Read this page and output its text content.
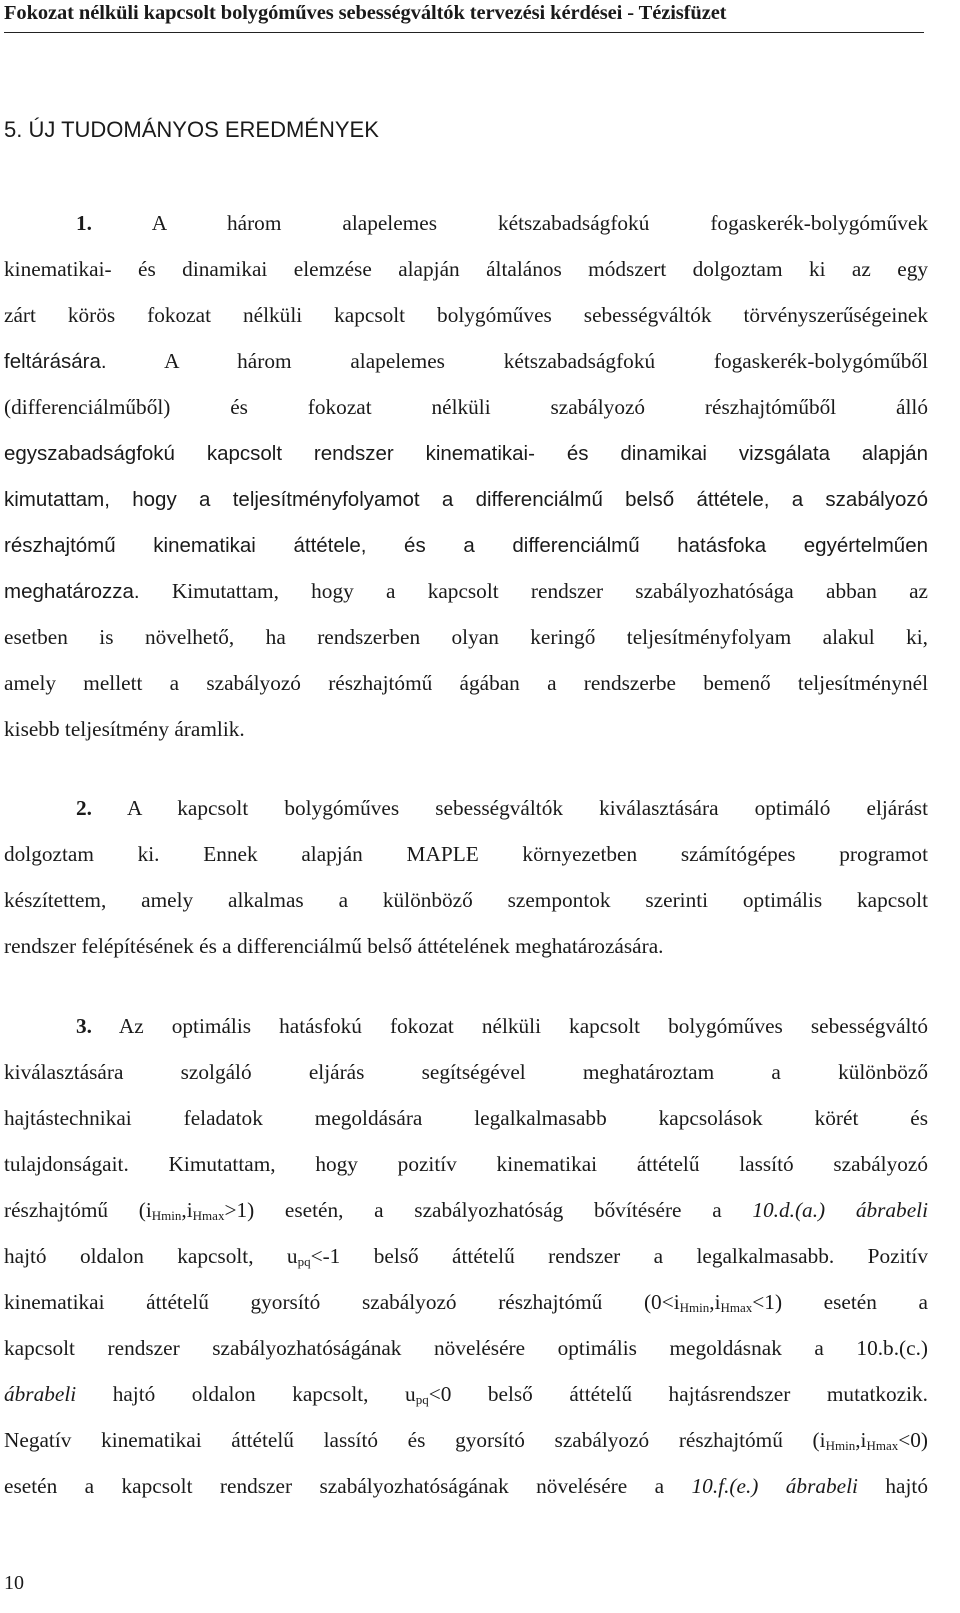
Fokozat nélküli kapcsolt bolygóműves sebességváltók tervezési kérdései - Tézisfüzet
5. ÚJ TUDOMÁNYOS EREDMÉNYEK
1.	A három alapelemes kétszabadságfokú fogaskerék-bolygóművek
kinematikai- és dinamikai elemzése alapján általános módszert dolgoztam ki az egy
zárt körös fokozat nélküli kapcsolt bolygóműves sebességváltók törvényszerűségeinek
feltárására.	A három alapelemes kétszabadságfokú fogaskerék-bolygóműből
(differenciálműből) és fokozat nélküli szabályozó részhajtóműből álló
egyszabadságfokú kapcsolt rendszer kinematikai- és dinamikai vizsgálata alapján
kimutattam, hogy a teljesítményfolyamot a differenciálmű belső áttétele, a szabályozó
részhajtómű kinematikai áttétele, és a differenciálmű hatásfoka egyértelműen
meghatározza. Kimutattam, hogy a kapcsolt rendszer szabályozhatósága abban az
esetben is növelhető, ha rendszerben olyan keringő teljesítményfolyam alakul ki,
amely mellett a szabályozó részhajtómű ágában a rendszerbe bemenő teljesítménynél
kisebb teljesítmény áramlik.
2. A kapcsolt bolygóműves sebességváltók kiválasztására optimáló eljárást
dolgoztam ki. Ennek alapján MAPLE környezetben számítógépes programot
készítettem, amely alkalmas a különböző szempontok szerinti optimális kapcsolt
rendszer felépítésének és a differenciálmű belső áttételének meghatározására.
3. Az optimális hatásfokú fokozat nélküli kapcsolt bolygóműves sebességváltó
kiválasztására szolgáló eljárás segítségével meghatároztam a különböző
hajtástechnikai feladatok megoldására legalkalmasabb kapcsolások körét és
tulajdonságait. Kimutattam, hogy pozitív kinematikai áttételű lassító szabályozó
részhajtómű $(i_{Hmin},i_{Hmax}>1)$ esetén, a szabályozhatóság bővítésére a 10.d.(a.) ábrabeli
hajtó oldalon kapcsolt, $u_{pq}<-1$ belső áttételű rendszer a legalkalmasabb. Pozitív
kinematikai áttételű gyorsító szabályozó részhajtómű $(0<i_{Hmin},i_{Hmax}<1)$ esetén a
kapcsolt rendszer szabályozhatóságának növelésére optimális megoldásnak a 10.b.(c.)
ábrabeli hajtó oldalon kapcsolt, $u_{pq}<0$ belső áttételű hajtásrendszer mutatkozik.
Negatív kinematikai áttételű lassító és gyorsító szabályozó részhajtómű $(i_{Hmin},i_{Hmax}<0)$
esetén a kapcsolt rendszer szabályozhatóságának növelésére a 10.f.(e.) ábrabeli hajtó
10
